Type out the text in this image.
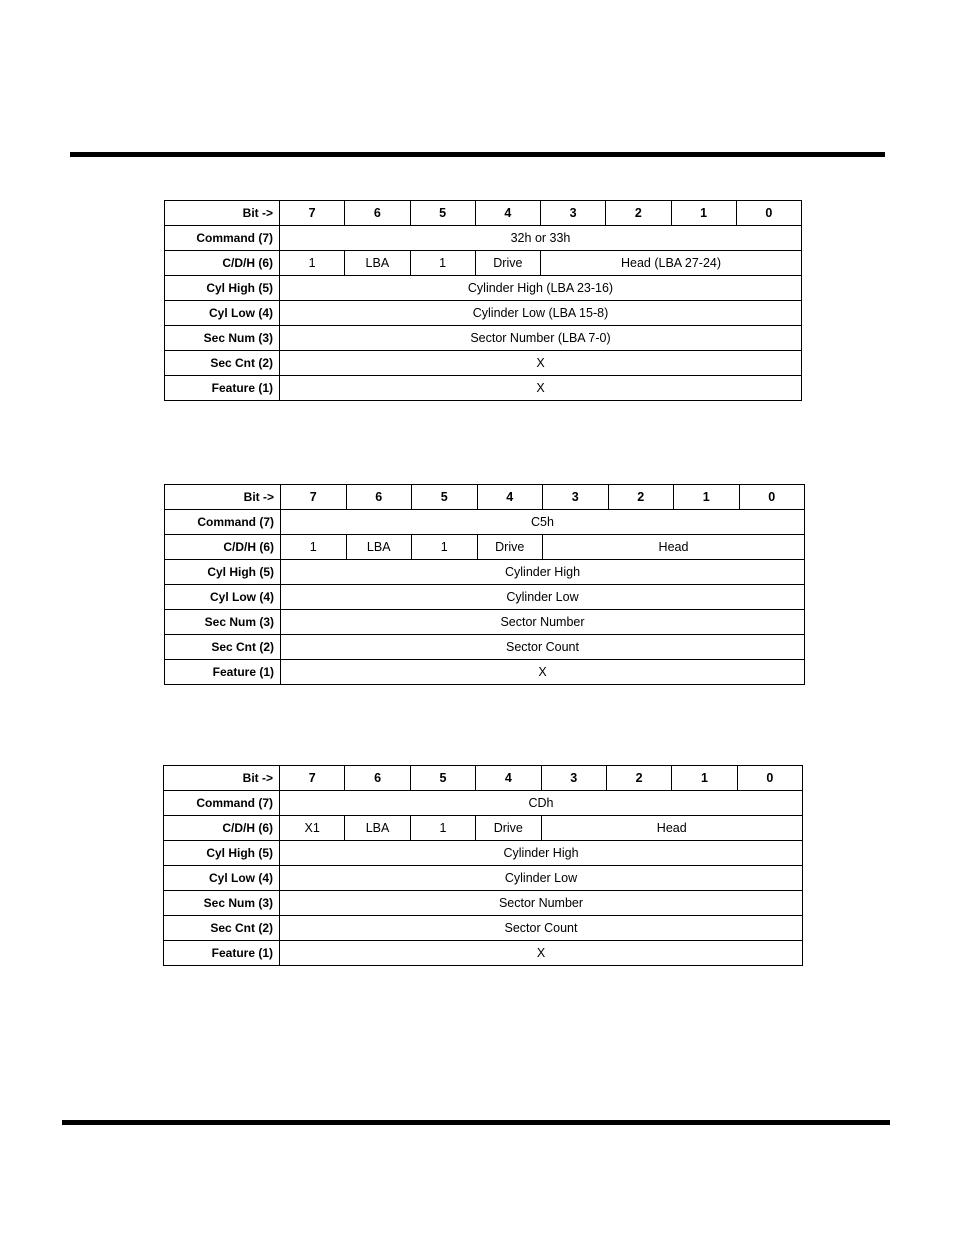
Bit ->	7	6	5	4	3	2	1	0
Command (7)	32h or 33h							
C/D/H (6)	1	LBA	1	Drive	Head (LBA 27-24)			
Cyl High (5)	Cylinder High (LBA 23-16)							
Cyl Low (4)	Cylinder Low (LBA 15-8)							
Sec Num (3)	Sector Number (LBA 7-0)							
Sec Cnt (2)	X							
Feature (1)	X							
Bit ->	7	6	5	4	3	2	1	0
Command (7)	C5h							
C/D/H (6)	1	LBA	1	Drive	Head			
Cyl High (5)	Cylinder High							
Cyl Low (4)	Cylinder Low							
Sec Num (3)	Sector Number							
Sec Cnt (2)	Sector Count							
Feature (1)	X							
Bit ->	7	6	5	4	3	2	1	0
Command (7)	CDh							
C/D/H (6)	X1	LBA	1	Drive	Head			
Cyl High (5)	Cylinder High							
Cyl Low (4)	Cylinder Low							
Sec Num (3)	Sector Number							
Sec Cnt (2)	Sector Count							
Feature (1)	X							
